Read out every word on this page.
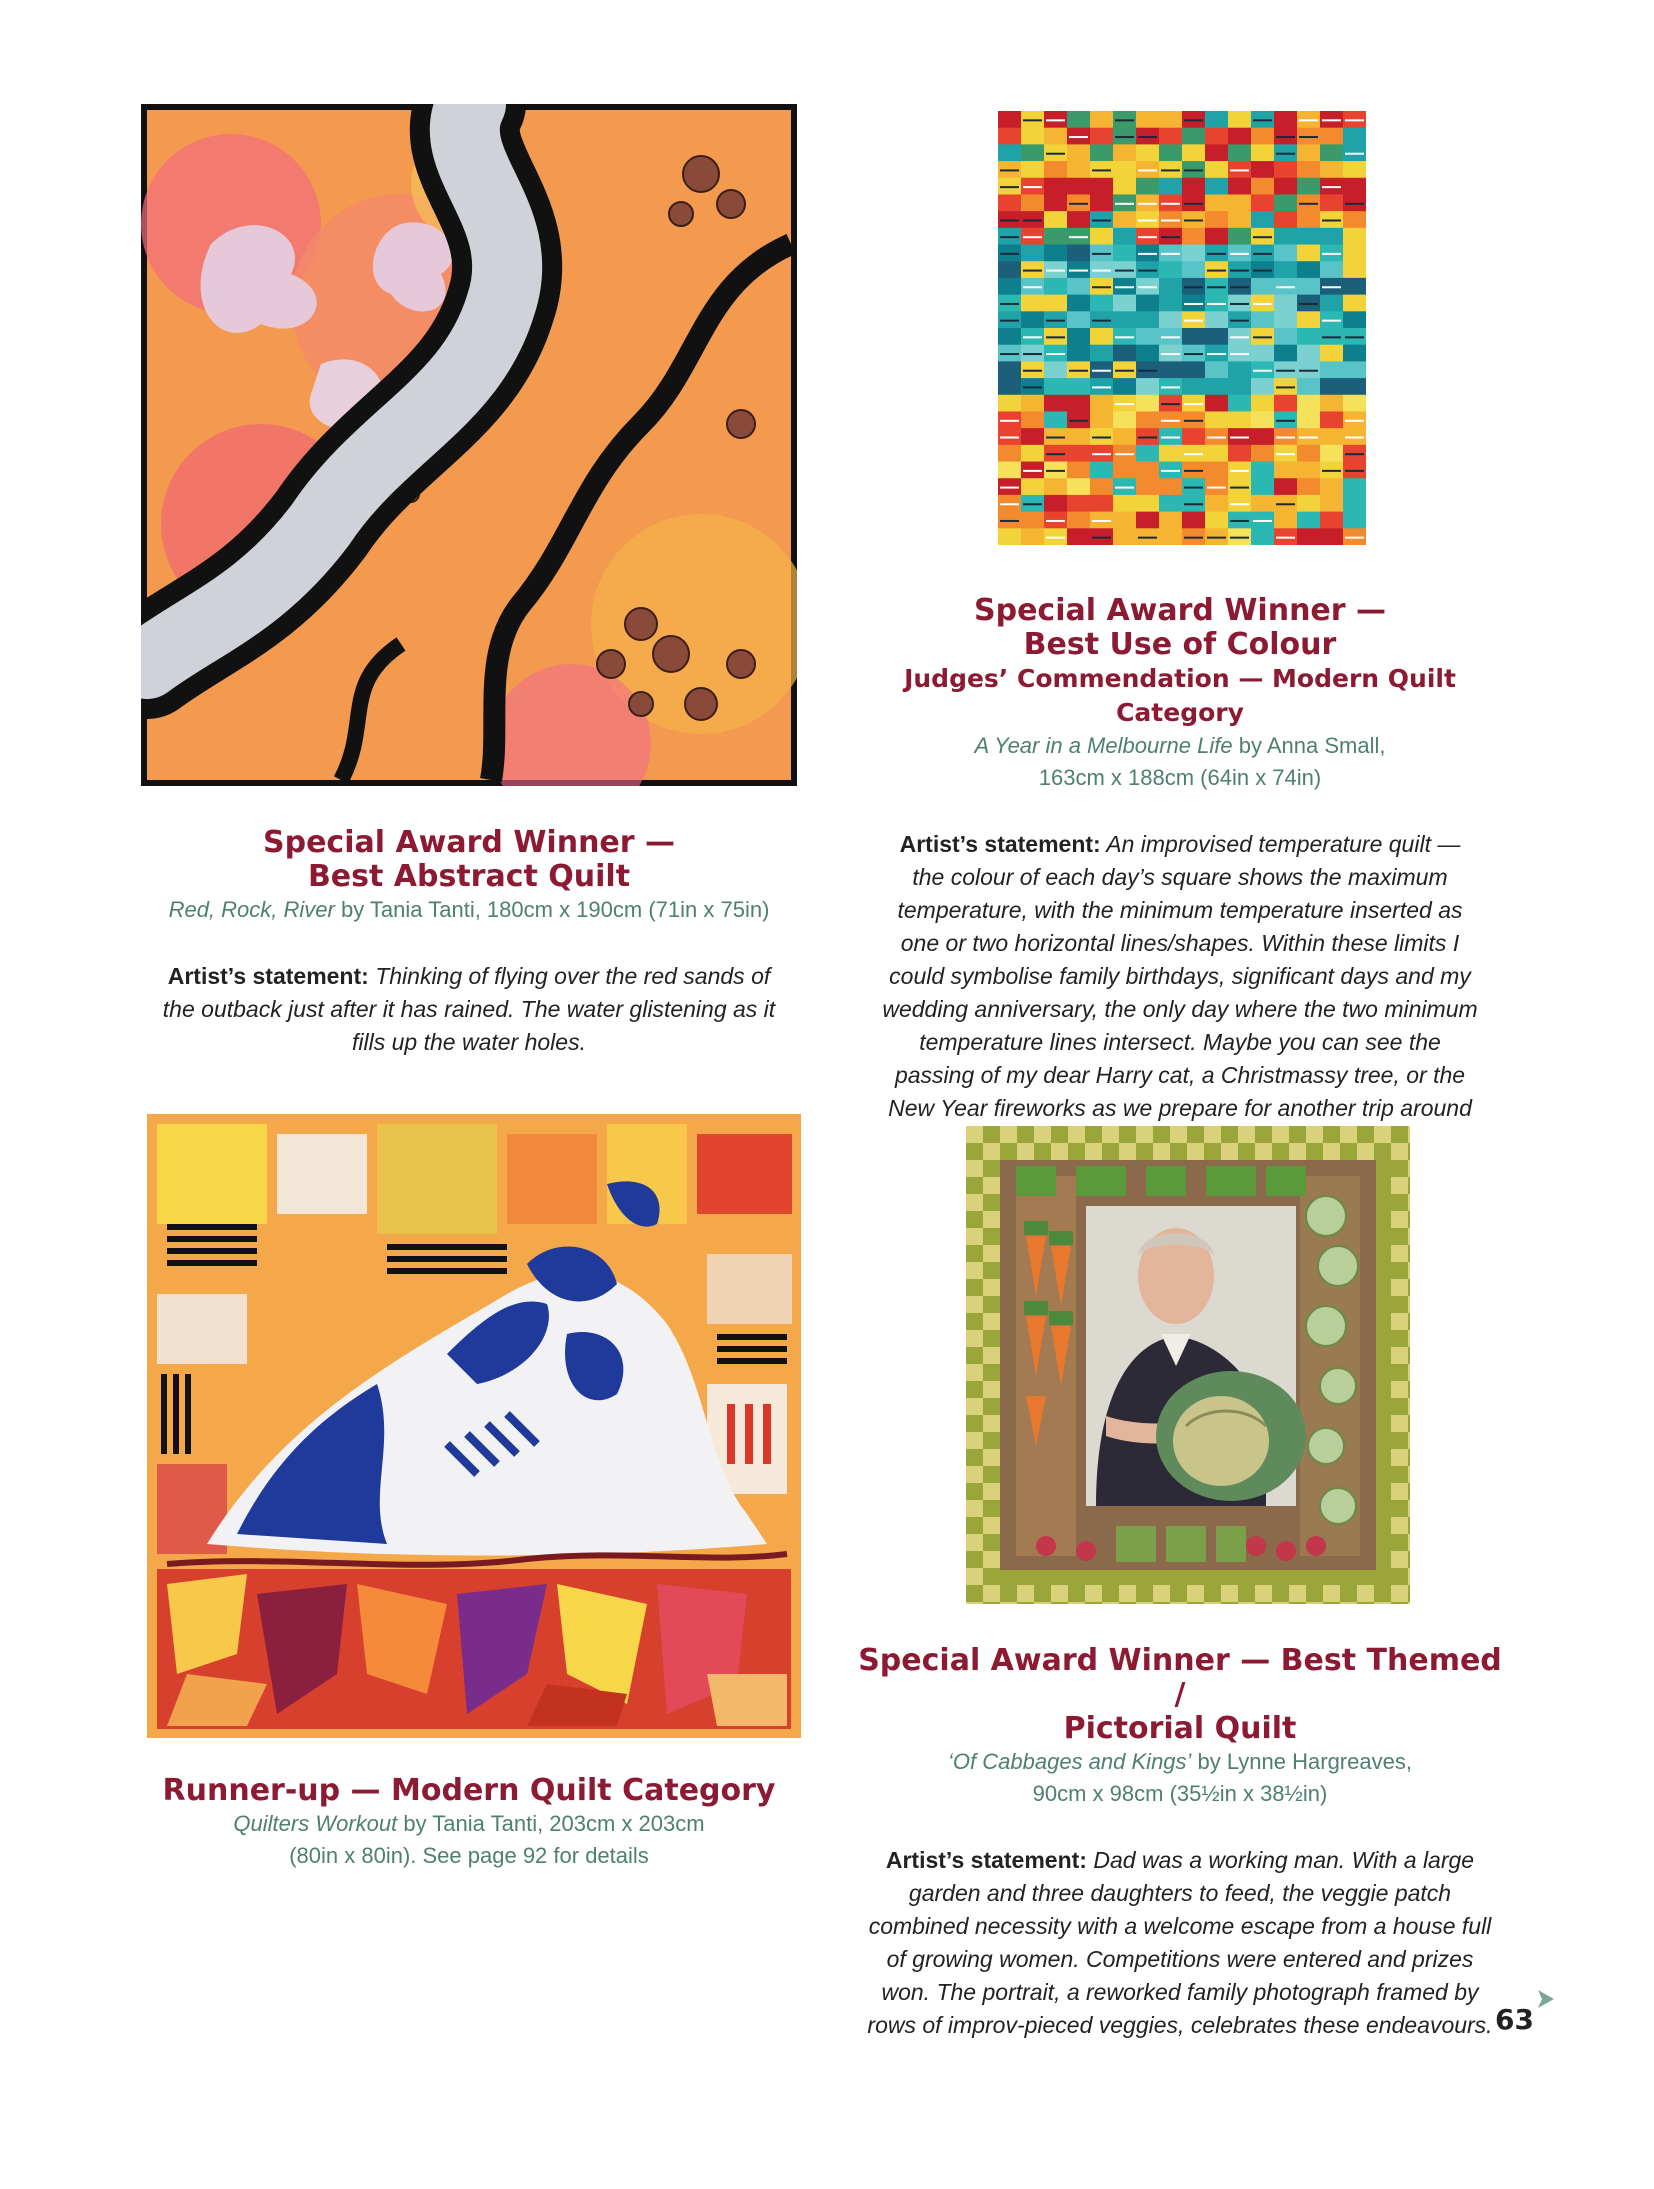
Special Award Winner —

Best Abstract Quilt

Red, Rock, River by Tania Tanti, 180cm x 190cm (71in x 75in)

Artist’s statement: Thinking of flying over the red sands of the outback just after it has rained. The water glistening as it fills up the water holes.

Special Award Winner —

Best Use of Colour

Judges’ Commendation — Modern Quilt Category

A Year in a Melbourne Life by Anna Small,

163cm x 188cm (64in x 74in)

Artist’s statement: An improvised temperature quilt — the colour of each day’s square shows the maximum temperature, with the minimum temperature inserted as one or two horizontal lines/shapes. Within these limits I could symbolise family birthdays, significant days and my wedding anniversary, the only day where the two minimum temperature lines intersect. Maybe you can see the passing of my dear Harry cat, a Christmassy tree, or the New Year fireworks as we prepare for another trip around

Runner-up — Modern Quilt Category

Quilters Workout by Tania Tanti, 203cm x 203cm

(80in x 80in). See page 92 for details

Special Award Winner — Best Themed /

Pictorial Quilt

‘Of Cabbages and Kings’ by Lynne Hargreaves,

90cm x 98cm (35½in x 38½in)

Artist’s statement: Dad was a working man. With a large garden and three daughters to feed, the veggie patch combined necessity with a welcome escape from a house full of growing women. Competitions were entered and prizes won. The portrait, a reworked family photograph framed by rows of improv-pieced veggies, celebrates these endeavours. 63
